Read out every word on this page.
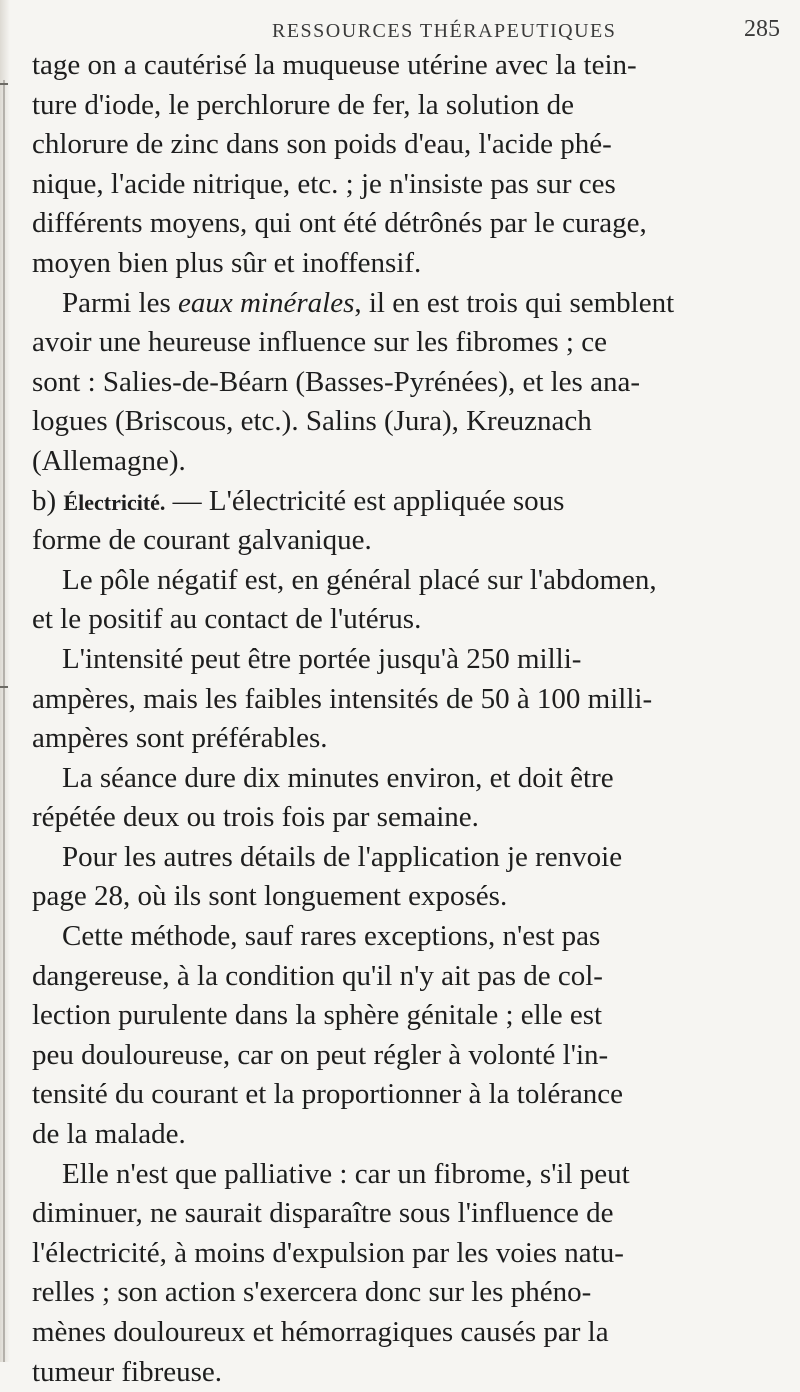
RESSOURCES THÉRAPEUTIQUES	285
tage on a cautérisé la muqueuse utérine avec la tein-
ture d'iode, le perchlorure de fer, la solution de
chlorure de zinc dans son poids d'eau, l'acide phé-
nique, l'acide nitrique, etc. ; je n'insiste pas sur ces
différents moyens, qui ont été détrônés par le curage,
moyen bien plus sûr et inoffensif.
Parmi les eaux minérales, il en est trois qui semblent
avoir une heureuse influence sur les fibromes ; ce
sont : Salies-de-Béarn (Basses-Pyrénées), et les ana-
logues (Briscous, etc.). Salins (Jura), Kreuznach
(Allemagne).
b) Électricité. — L'électricité est appliquée sous
forme de courant galvanique.
Le pôle négatif est, en général placé sur l'abdomen,
et le positif au contact de l'utérus.
L'intensité peut être portée jusqu'à 250 milli-
ampères, mais les faibles intensités de 50 à 100 milli-
ampères sont préférables.
La séance dure dix minutes environ, et doit être
répétée deux ou trois fois par semaine.
Pour les autres détails de l'application je renvoie
page 28, où ils sont longuement exposés.
Cette méthode, sauf rares exceptions, n'est pas
dangereuse, à la condition qu'il n'y ait pas de col-
lection purulente dans la sphère génitale ; elle est
peu douloureuse, car on peut régler à volonté l'in-
tensité du courant et la proportionner à la tolérance
de la malade.
Elle n'est que palliative : car un fibrome, s'il peut
diminuer, ne saurait disparaître sous l'influence de
l'électricité, à moins d'expulsion par les voies natu-
relles ; son action s'exercera donc sur les phéno-
mènes douloureux et hémorragiques causés par la
tumeur fibreuse.
